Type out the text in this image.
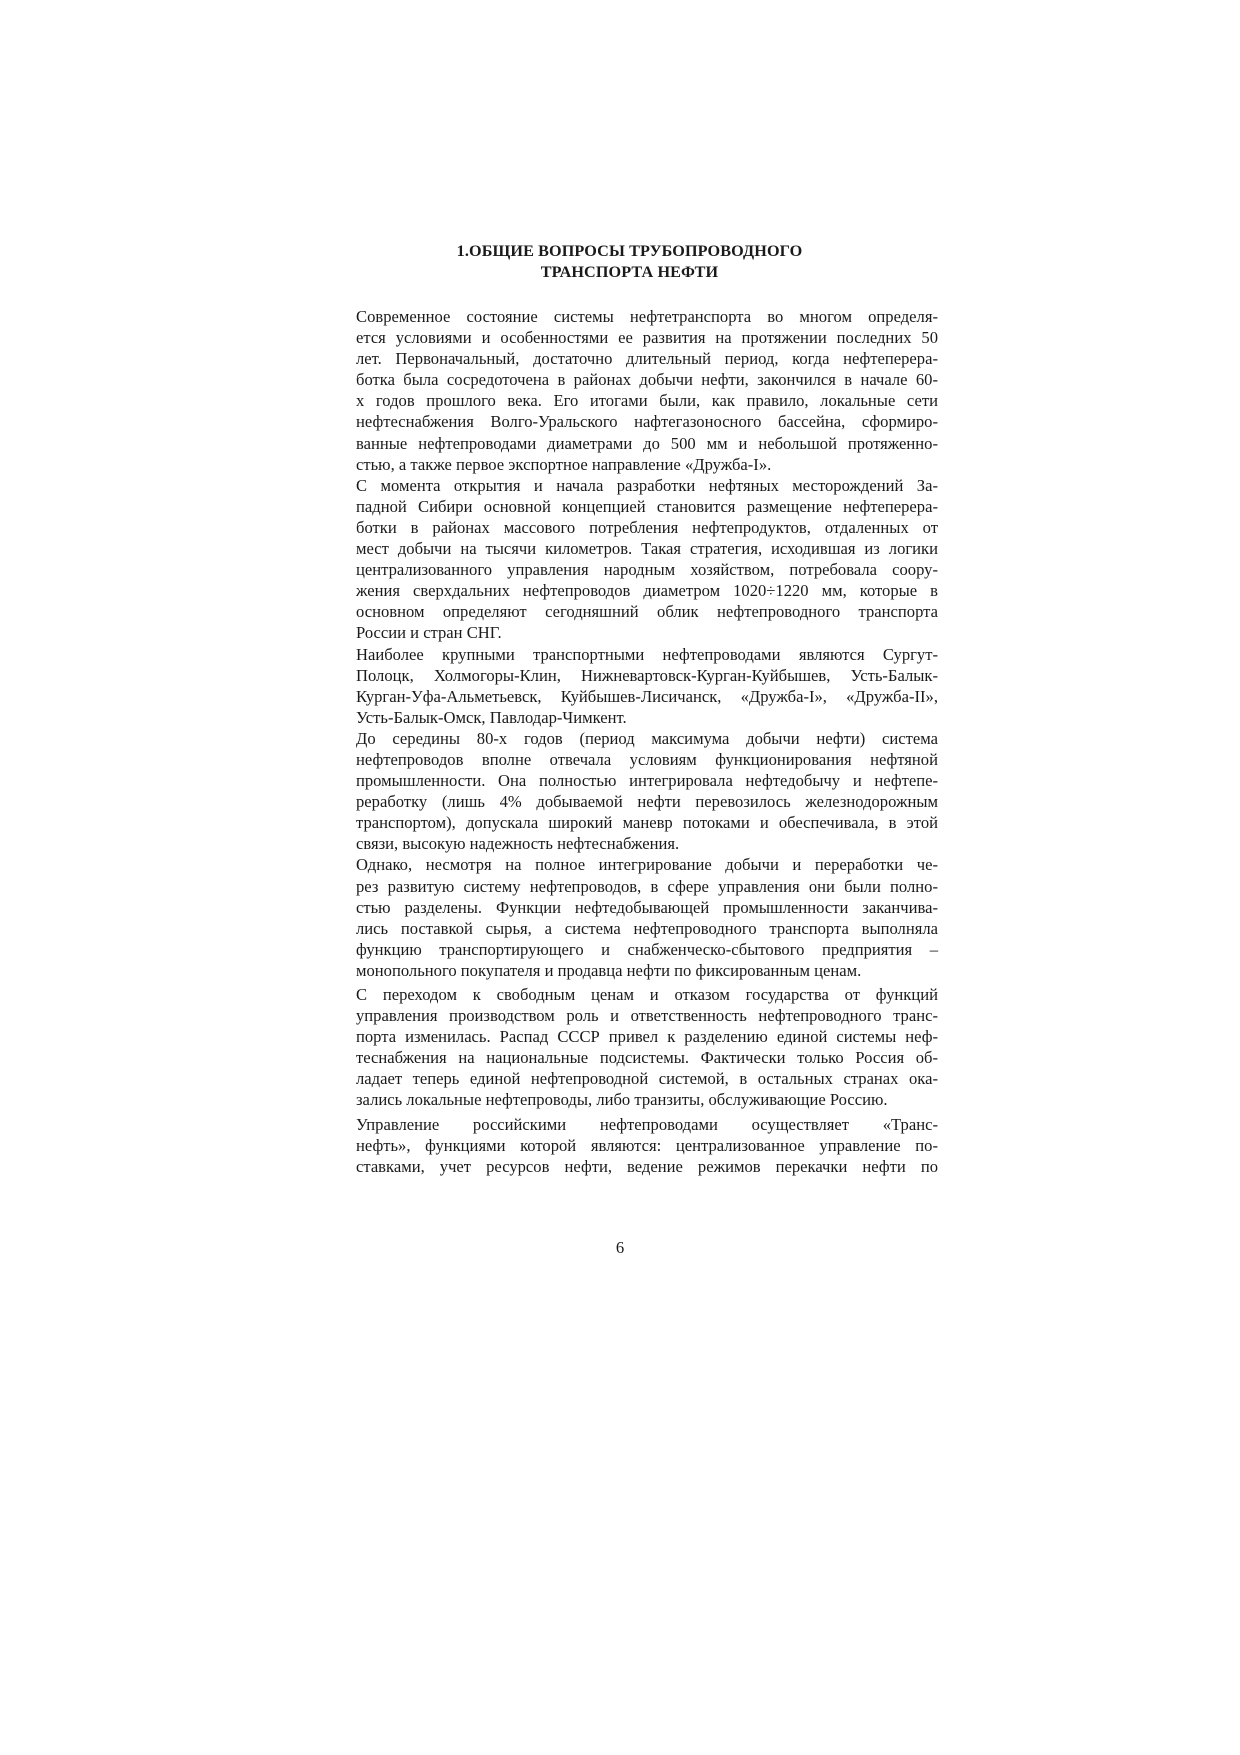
1.ОБЩИЕ ВОПРОСЫ ТРУБОПРОВОДНОГО
ТРАНСПОРТА НЕФТИ

Современное состояние системы нефтетранспорта во многом определя-
ется условиями и особенностями ее развития на протяжении последних 50
лет. Первоначальный, достаточно длительный период, когда нефтеперера-
ботка была сосредоточена в районах добычи нефти, закончился в начале 60-
х годов прошлого века. Его итогами были, как правило, локальные сети
нефтеснабжения Волго-Уральского нафтегазоносного бассейна, сформиро-
ванные нефтепроводами диаметрами до 500 мм и небольшой протяженно-
стью, а также первое экспортное направление «Дружба-I».

С момента открытия и начала разработки нефтяных месторождений За-
падной Сибири основной концепцией становится размещение нефтеперера-
ботки в районах массового потребления нефтепродуктов, отдаленных от
мест добычи на тысячи километров. Такая стратегия, исходившая из логики
централизованного управления народным хозяйством, потребовала соору-
жения сверхдальних нефтепроводов диаметром 1020÷1220 мм, которые в
основном определяют сегодняшний облик нефтепроводного транспорта
России и стран СНГ.

Наиболее крупными транспортными нефтепроводами являются Сургут-
Полоцк, Холмогоры-Клин, Нижневартовск-Курган-Куйбышев, Усть-Балык-
Курган-Уфа-Альметьевск, Куйбышев-Лисичанск, «Дружба-I», «Дружба-II»,
Усть-Балык-Омск, Павлодар-Чимкент.

До середины 80-х годов (период максимума добычи нефти) система
нефтепроводов вполне отвечала условиям функционирования нефтяной
промышленности. Она полностью интегрировала нефтедобычу и нефтепе-
реработку (лишь 4% добываемой нефти перевозилось железнодорожным
транспортом), допускала широкий маневр потоками и обеспечивала, в этой
связи, высокую надежность нефтеснабжения.

Однако, несмотря на полное интегрирование добычи и переработки че-
рез развитую систему нефтепроводов, в сфере управления они были полно-
стью разделены. Функции нефтедобывающей промышленности заканчива-
лись поставкой сырья, а система нефтепроводного транспорта выполняла
функцию транспортирующего и снабженческо-сбытового предприятия –
монопольного покупателя и продавца нефти по фиксированным ценам.

С переходом к свободным ценам и отказом государства от функций
управления производством роль и ответственность нефтепроводного транс-
порта изменилась. Распад СССР привел к разделению единой системы неф-
теснабжения на национальные подсистемы. Фактически только Россия об-
ладает теперь единой нефтепроводной системой, в остальных странах ока-
зались локальные нефтепроводы, либо транзиты, обслуживающие Россию.

Управление российскими нефтепроводами осуществляет «Транс-
нефть», функциями которой являются: централизованное управление по-
ставками, учет ресурсов нефти, ведение режимов перекачки нефти по

6
